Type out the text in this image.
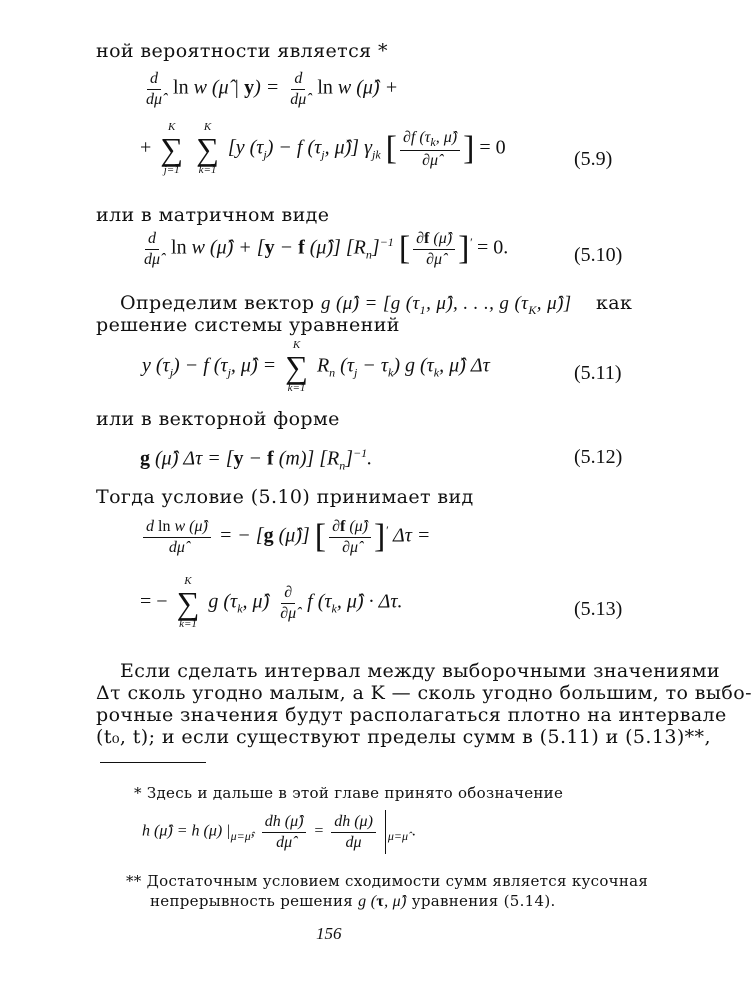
ной вероятности является *
$\frac{d}{d\mû}$ ln w (μ̂ | $y) = \frac{d}{d\mû}$ ln w (μ̂) +
+
K
∑
j=1

K
∑
k=1
[y $(\tau_j) - f$ ($\tau_j$, μ̂)] $\gamma_{jk}$ [ $\frac{\partial f (\tau_k, \mû)}{\partial\mû}$ ] = 0
(5.9)
или в матричном виде
$\frac{d}{d\mû}$ ln w (μ̂) + [y − f (μ̂)] $[R_n]^{-1}$ [ $\frac{\partial f (\mû)}{\partial\mû} ]' = 0$.	(5.10)
Определим вектор g (μ̂) = [g ($\tau_1$, μ̂), . . ., g ($\tau_K$, μ̂)] как
решение системы уравнений
y $(\tau_j) - f$ ($\tau_j$, μ̂) =
K
∑
k=1
$R_n$ $(\tau_j - \tau_k)$ g ($\tau_k$, μ̂) Δτ	(5.11)
или в векторной форме
g (μ̂) Δτ = [y − f (m)] $[R_n]^{-1}$.	(5.12)
Тогда условие (5.10) принимает вид
$\frac{\text{d ln w (μ̂)}}{d\mû}$ = − [g (μ̂)] [ $\frac{\partial f (\mû)}{\partial\mû} ]'$ Δτ =
= −
K
∑
k=1
g ($\tau_k$, μ̂) $\frac{\partial}{\partial\mû}$ f ($\tau_k$, μ̂) · Δτ.	(5.13)
Если сделать интервал между выборочными значениями
Δτ сколь угодно малым, а K — сколь угодно большим, то выбо-
рочные значения будут располагаться плотно на интервале
(t₀, t); и если существуют пределы сумм в (5.11) и (5.13)**,
* Здесь и дальше в этой главе принято обозначение
h (μ̂) = h (μ) $|_{\mu=\mû}$, $\frac{dh (\mû)}{d\mû} = \frac{dh (\mu)}{d\mu} _{\mu=\mû}$ .
** Достаточным условием сходимости сумм является кусочная
непрерывность решения g (τ, μ̂) уравнения (5.14).
156
